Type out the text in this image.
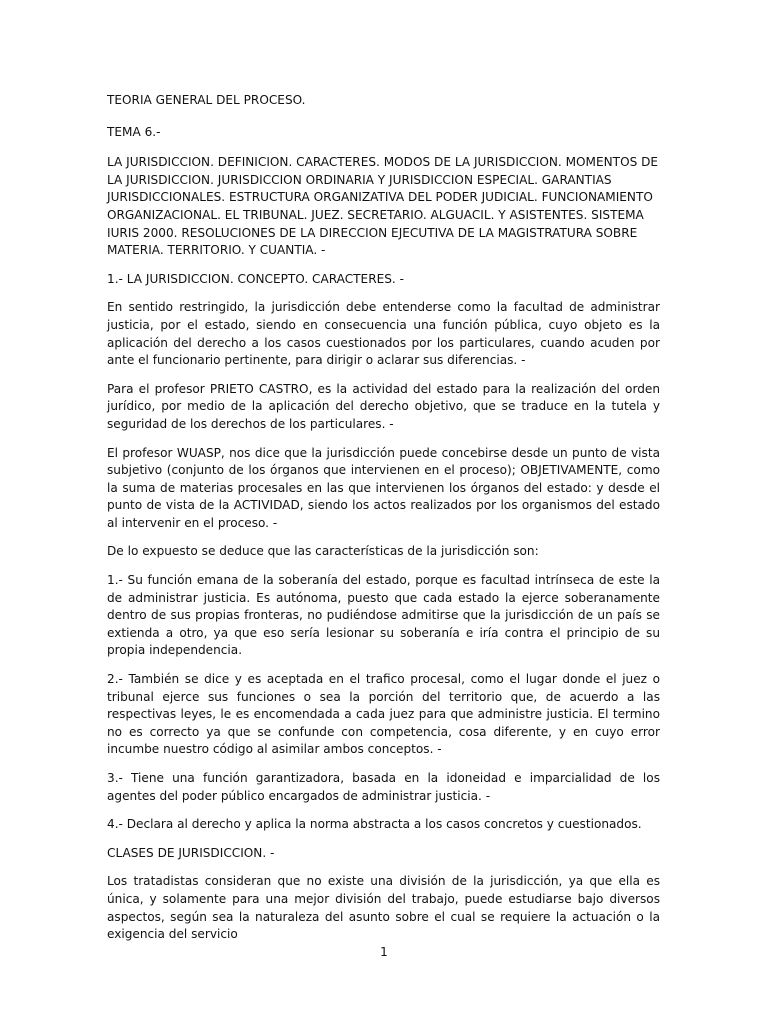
TEORIA GENERAL DEL PROCESO.

TEMA 6.-

LA JURISDICCION. DEFINICION. CARACTERES. MODOS DE LA JURISDICCION. MOMENTOS DE LA JURISDICCION. JURISDICCION ORDINARIA Y JURISDICCION ESPECIAL. GARANTIAS JURISDICCIONALES. ESTRUCTURA ORGANIZATIVA DEL PODER JUDICIAL. FUNCIONAMIENTO ORGANIZACIONAL. EL TRIBUNAL. JUEZ. SECRETARIO. ALGUACIL. Y ASISTENTES. SISTEMA IURIS 2000. RESOLUCIONES DE LA DIRECCION EJECUTIVA DE LA MAGISTRATURA SOBRE MATERIA. TERRITORIO. Y CUANTIA. -

1.- LA JURISDICCION. CONCEPTO. CARACTERES. -

En sentido restringido, la jurisdicción debe entenderse como la facultad de administrar justicia, por el estado, siendo en consecuencia una función pública, cuyo objeto es la aplicación del derecho a los casos cuestionados por los particulares, cuando acuden por ante el funcionario pertinente, para dirigir o aclarar sus diferencias. -

Para el profesor PRIETO CASTRO, es la actividad del estado para la realización del orden jurídico, por medio de la aplicación del derecho objetivo, que se traduce en la tutela y seguridad de los derechos de los particulares. -

El profesor WUASP, nos dice que la jurisdicción puede concebirse desde un punto de vista subjetivo (conjunto de los órganos que intervienen en el proceso); OBJETIVAMENTE, como la suma de materias procesales en las que intervienen los órganos del estado: y desde el punto de vista de la ACTIVIDAD, siendo los actos realizados por los organismos del estado al intervenir en el proceso. -

De lo expuesto se deduce que las características de la jurisdicción son:

1.- Su función emana de la soberanía del estado, porque es facultad intrínseca de este la de administrar justicia. Es autónoma, puesto que cada estado la ejerce soberanamente dentro de sus propias fronteras, no pudiéndose admitirse que la jurisdicción de un país se extienda a otro, ya que eso sería lesionar su soberanía e iría contra el principio de su propia independencia.

2.- También se dice y es aceptada en el trafico procesal, como el lugar donde el juez o tribunal ejerce sus funciones o sea la porción del territorio que, de acuerdo a las respectivas leyes, le es encomendada a cada juez para que administre justicia. El termino no es correcto ya que se confunde con competencia, cosa diferente, y en cuyo error incumbe nuestro código al asimilar ambos conceptos. -

3.- Tiene una función garantizadora, basada en la idoneidad e imparcialidad de los agentes del poder público encargados de administrar justicia. -

4.- Declara al derecho y aplica la norma abstracta a los casos concretos y cuestionados.

CLASES DE JURISDICCION. -

Los tratadistas consideran que no existe una división de la jurisdicción, ya que ella es única, y solamente para una mejor división del trabajo, puede estudiarse bajo diversos aspectos, según sea la naturaleza del asunto sobre el cual se requiere la actuación o la exigencia del servicio

1
